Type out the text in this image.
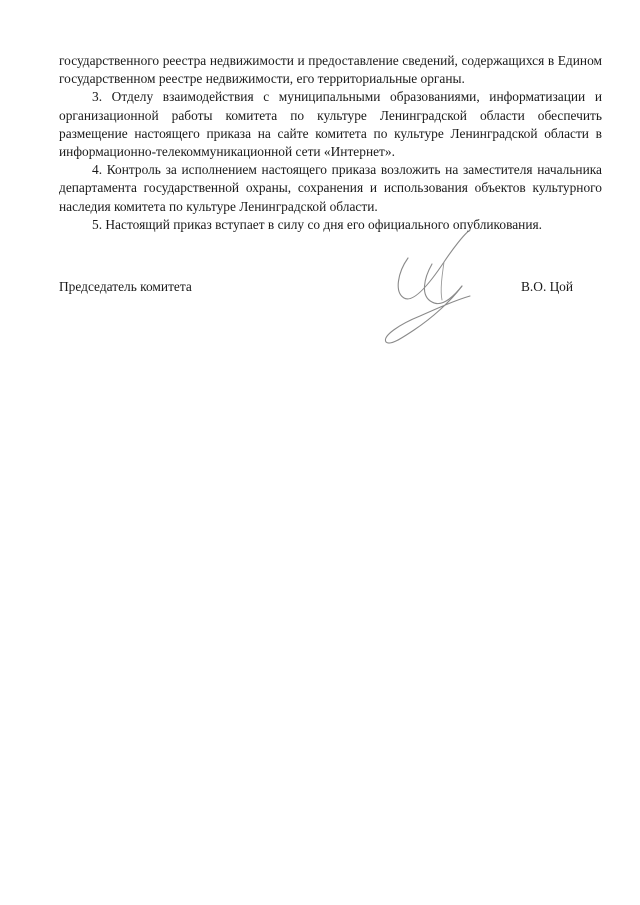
государственного реестра недвижимости и предоставление сведений, содержащихся в Едином государственном реестре недвижимости, его территориальные органы.

3. Отделу взаимодействия с муниципальными образованиями, информатизации и организационной работы комитета по культуре Ленинградской области обеспечить размещение настоящего приказа на сайте комитета по культуре Ленинградской области в информационно-телекоммуникационной сети «Интернет».

4. Контроль за исполнением настоящего приказа возложить на заместителя начальника департамента государственной охраны, сохранения и использования объектов культурного наследия комитета по культуре Ленинградской области.

5. Настоящий приказ вступает в силу со дня его официального опубликования.

Председатель комитета	В.О. Цой
